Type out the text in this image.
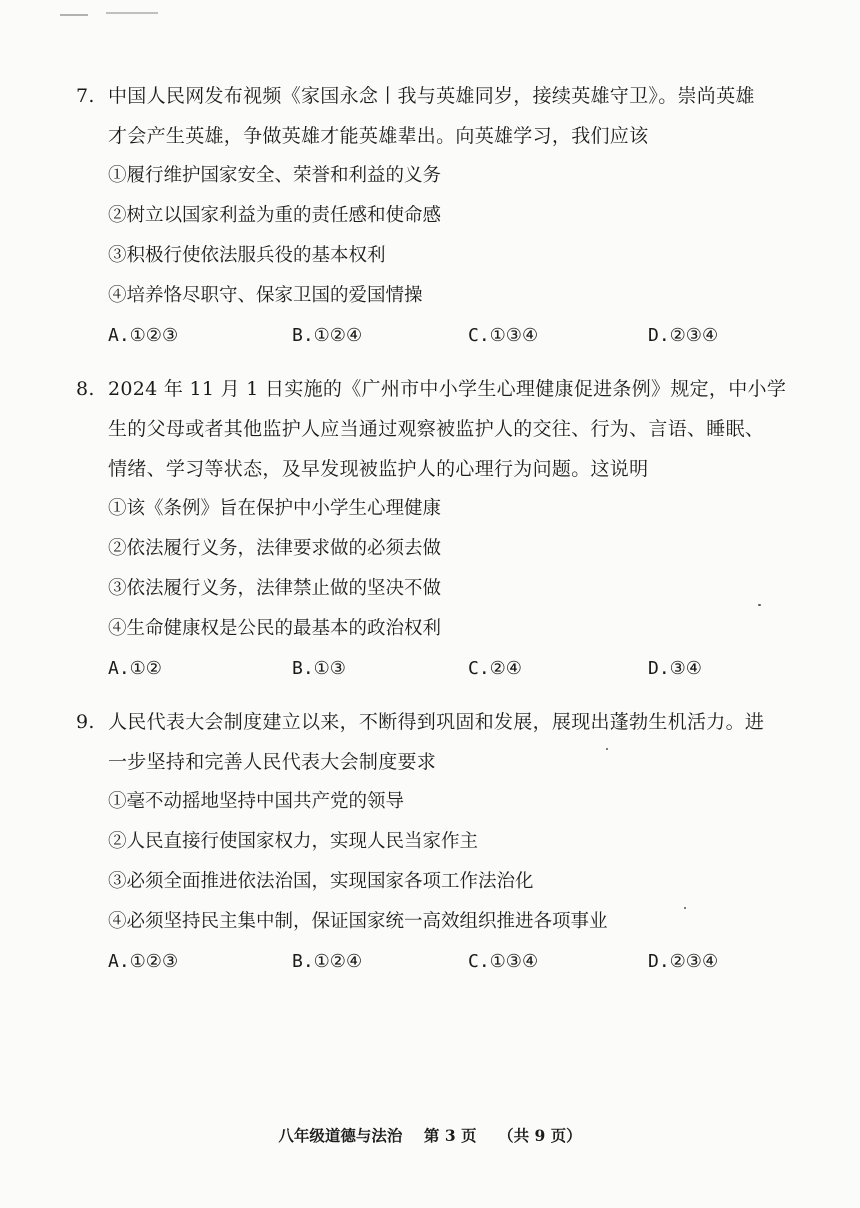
7. 中国人民网发布视频《家国永念丨我与英雄同岁，接续英雄守卫》。崇尚英雄
才会产生英雄，争做英雄才能英雄辈出。向英雄学习，我们应该
①履行维护国家安全、荣誉和利益的义务
②树立以国家利益为重的责任感和使命感
③积极行使依法服兵役的基本权利
④培养恪尽职守、保家卫国的爱国情操
A.①②③	B.①②④	C.①③④	D.②③④
8. 2024 年 11 月 1 日实施的《广州市中小学生心理健康促进条例》规定，中小学
生的父母或者其他监护人应当通过观察被监护人的交往、行为、言语、睡眠、
情绪、学习等状态，及早发现被监护人的心理行为问题。这说明
①该《条例》旨在保护中小学生心理健康
②依法履行义务，法律要求做的必须去做
③依法履行义务，法律禁止做的坚决不做
④生命健康权是公民的最基本的政治权利
A.①②	B.①③	C.②④	D.③④
9. 人民代表大会制度建立以来，不断得到巩固和发展，展现出蓬勃生机活力。进
一步坚持和完善人民代表大会制度要求
①毫不动摇地坚持中国共产党的领导
②人民直接行使国家权力，实现人民当家作主
③必须全面推进依法治国，实现国家各项工作法治化
④必须坚持民主集中制，保证国家统一高效组织推进各项事业
A.①②③	B.①②④	C.①③④	D.②③④
八年级道德与法治 第 3 页 （共 9 页）
